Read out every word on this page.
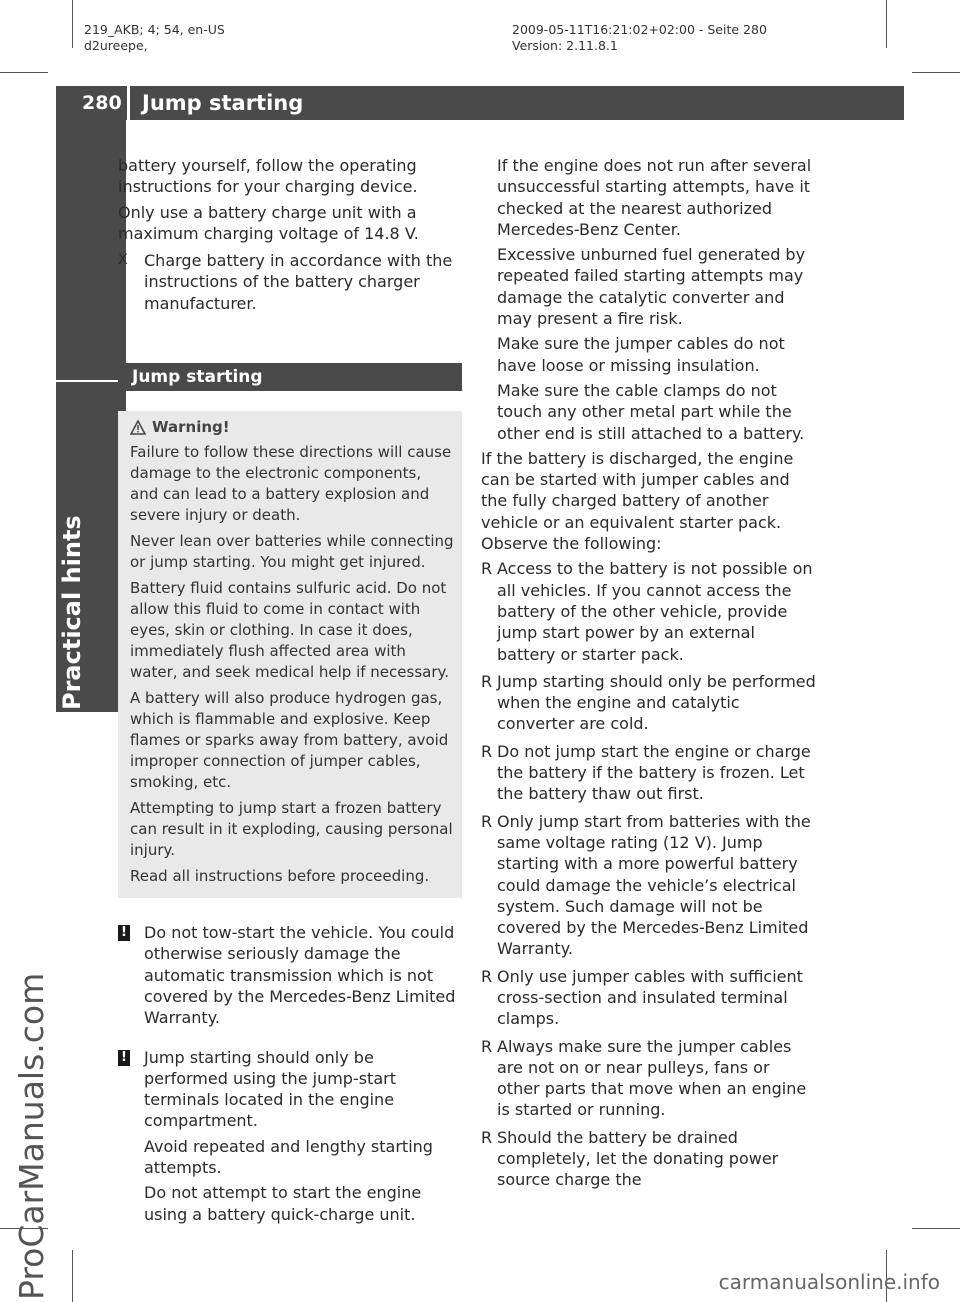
219_AKB; 4; 54, en-US
d2ureepe,
2009-05-11T16:21:02+02:00 - Seite 280
Version: 2.11.8.1
280 Jump starting
Practical hints
ProCarManuals.com

battery yourself, follow the operating instructions for your charging device.

Only use a battery charge unit with a maximum charging voltage of 14.8 V.

X Charge battery in accordance with the instructions of the battery charger manufacturer.
Jump starting

Warning!

Failure to follow these directions will cause damage to the electronic components, and can lead to a battery explosion and severe injury or death.

Never lean over batteries while connecting or jump starting. You might get injured.

Battery fluid contains sulfuric acid. Do not allow this fluid to come in contact with eyes, skin or clothing. In case it does, immediately flush affected area with water, and seek medical help if necessary.

A battery will also produce hydrogen gas, which is flammable and explosive. Keep flames or sparks away from battery, avoid improper connection of jumper cables, smoking, etc.

Attempting to jump start a frozen battery can result in it exploding, causing personal injury.

Read all instructions before proceeding.

! Do not tow-start the vehicle. You could otherwise seriously damage the automatic transmission which is not covered by the Mercedes-Benz Limited Warranty.

! Jump starting should only be performed using the jump-start terminals located in the engine compartment.

Avoid repeated and lengthy starting attempts.

Do not attempt to start the engine using a battery quick-charge unit.

If the engine does not run after several unsuccessful starting attempts, have it checked at the nearest authorized Mercedes-Benz Center.

Excessive unburned fuel generated by repeated failed starting attempts may damage the catalytic converter and may present a fire risk.

Make sure the jumper cables do not have loose or missing insulation.

Make sure the cable clamps do not touch any other metal part while the other end is still attached to a battery.

If the battery is discharged, the engine can be started with jumper cables and the fully charged battery of another vehicle or an equivalent starter pack. Observe the following:

R Access to the battery is not possible on all vehicles. If you cannot access the battery of the other vehicle, provide jump start power by an external battery or starter pack.
R Jump starting should only be performed when the engine and catalytic converter are cold.
R Do not jump start the engine or charge the battery if the battery is frozen. Let the battery thaw out first.
R Only jump start from batteries with the same voltage rating (12 V). Jump starting with a more powerful battery could damage the vehicle’s electrical system. Such damage will not be covered by the Mercedes-Benz Limited Warranty.
R Only use jumper cables with sufficient cross-section and insulated terminal clamps.
R Always make sure the jumper cables are not on or near pulleys, fans or other parts that move when an engine is started or running.
R Should the battery be drained completely, let the donating power source charge the
carmanualsonline.info
